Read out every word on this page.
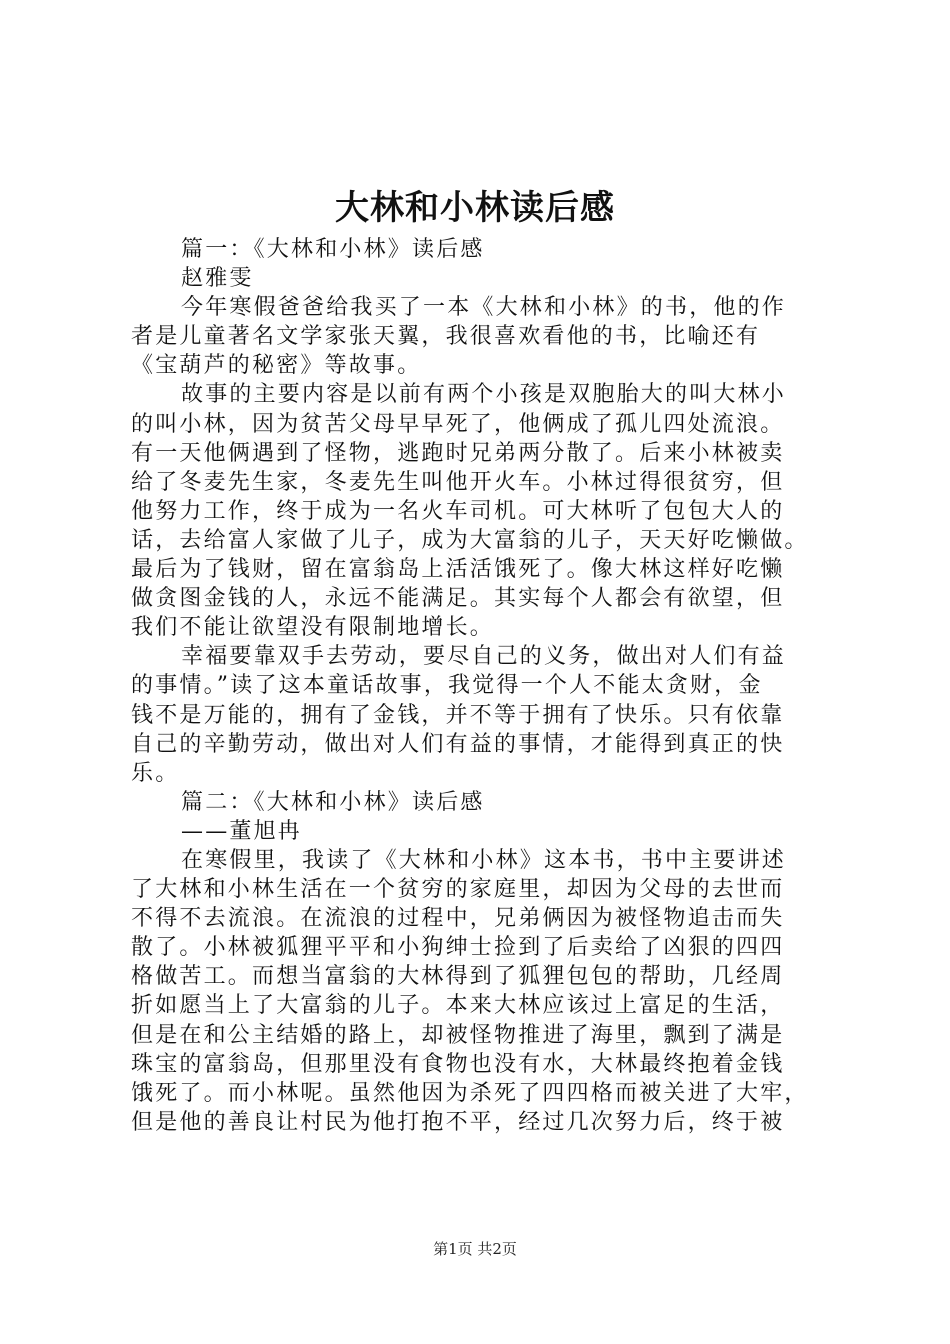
大林和小林读后感
篇一：《大林和小林》读后感
赵雅雯
今年寒假爸爸给我买了一本《大林和小林》的书，他的作
者是儿童著名文学家张天翼，我很喜欢看他的书，比喻还有
《宝葫芦的秘密》等故事。
故事的主要内容是以前有两个小孩是双胞胎大的叫大林小
的叫小林，因为贫苦父母早早死了，他俩成了孤儿四处流浪。
有一天他俩遇到了怪物，逃跑时兄弟两分散了。后来小林被卖
给了冬麦先生家，冬麦先生叫他开火车。小林过得很贫穷，但
他努力工作，终于成为一名火车司机。可大林听了包包大人的
话，去给富人家做了儿子，成为大富翁的儿子，天天好吃懒做。
最后为了钱财，留在富翁岛上活活饿死了。像大林这样好吃懒
做贪图金钱的人，永远不能满足。其实每个人都会有欲望，但
我们不能让欲望没有限制地增长。
幸福要靠双手去劳动，要尽自己的义务，做出对人们有益
的事情。”读了这本童话故事，我觉得一个人不能太贪财，金
钱不是万能的，拥有了金钱，并不等于拥有了快乐。只有依靠
自己的辛勤劳动，做出对人们有益的事情，才能得到真正的快
乐。
篇二：《大林和小林》读后感
——董旭冉
在寒假里，我读了《大林和小林》这本书，书中主要讲述
了大林和小林生活在一个贫穷的家庭里，却因为父母的去世而
不得不去流浪。在流浪的过程中，兄弟俩因为被怪物追击而失
散了。小林被狐狸平平和小狗绅士捡到了后卖给了凶狠的四四
格做苦工。而想当富翁的大林得到了狐狸包包的帮助，几经周
折如愿当上了大富翁的儿子。本来大林应该过上富足的生活，
但是在和公主结婚的路上，却被怪物推进了海里，飘到了满是
珠宝的富翁岛，但那里没有食物也没有水，大林最终抱着金钱
饿死了。而小林呢。虽然他因为杀死了四四格而被关进了大牢，
但是他的善良让村民为他打抱不平，经过几次努力后，终于被
第1页 共2页
